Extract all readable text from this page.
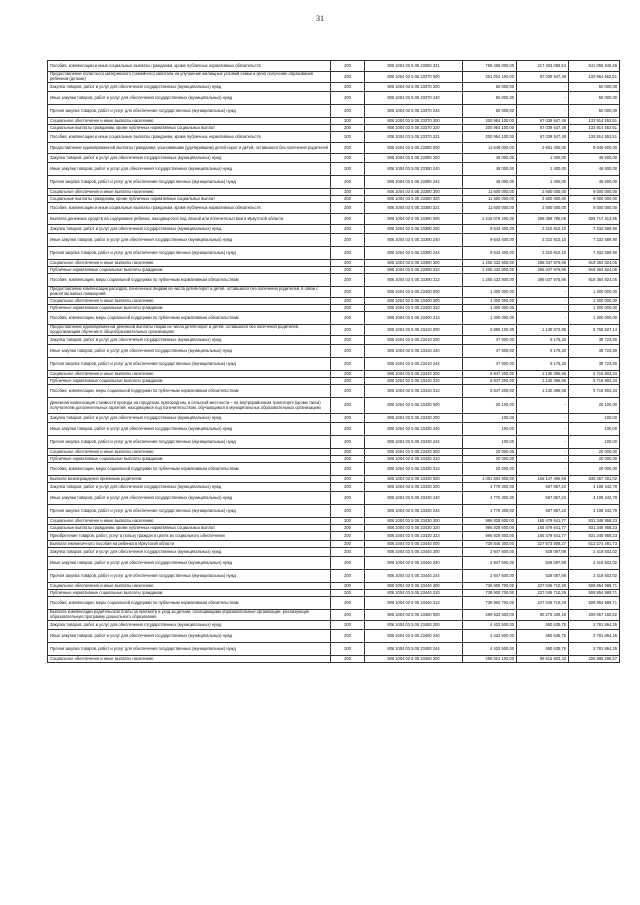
31
Пособия, компенсации и иные социальные выплаты гражданам, кроме публичных нормативных обязательств	200	806 1004 03 5 05 23360 321	758 469 000,00	217 403 059,54	541 065 940,46
Предоставление областного материнского (семейного) капитала на улучшение жилищных условий семьи и (или) получение образования ребенком (детьми)	200	806 1004 03 5 05 23370 000	201 004 100,00	67 039 547,49	133 964 552,51
Закупка товаров, работ и услуг для обеспечения государственных (муниципальных) нужд	200	806 1004 03 5 05 23370 200	50 000,00	-	50 000,00
Иные закупки товаров, работ и услуг для обеспечения государственных (муниципальных) нужд	200	806 1004 03 5 05 23370 240	50 000,00	-	50 000,00
Прочая закупка товаров, работ и услуг для обеспечения государственных (муниципальных) нужд	200	806 1004 03 5 05 23370 244	50 000,00	-	50 000,00
Социальное обеспечение и иные выплаты населению	200	806 1004 03 5 05 23370 300	200 954 100,00	67 039 547,49	133 914 552,51
Социальные выплаты гражданам, кроме публичных нормативных социальных выплат	200	806 1004 03 5 05 23370 320	200 954 100,00	67 039 547,49	133 914 552,51
Пособия, компенсации и иные социальные выплаты гражданам, кроме публичных нормативных обязательств	200	806 1004 03 5 05 23370 321	200 954 100,00	67 039 547,49	133 914 552,51
Предоставление единовременной выплаты гражданам, усыновившим (удочерившим) детей-сирот и детей, оставшихся без попечения родителей	200	806 1004 03 5 05 23380 000	11 648 000,00	2 601 400,00	9 046 600,00
Закупка товаров, работ и услуг для обеспечения государственных (муниципальных) нужд	200	806 1004 03 5 05 23380 200	48 000,00	1 400,00	46 600,00
Иные закупки товаров, работ и услуг для обеспечения государственных (муниципальных) нужд	200	806 1004 03 5 05 23380 240	48 000,00	1 400,00	46 600,00
Прочая закупка товаров, работ и услуг для обеспечения государственных (муниципальных) нужд	200	806 1004 03 5 05 23380 244	48 000,00	1 400,00	46 600,00
Социальное обеспечение и иные выплаты населению	200	806 1004 03 5 05 23380 300	11 600 000,00	2 600 000,00	9 000 000,00
Социальные выплаты гражданам, кроме публичных нормативных социальных выплат	200	806 1004 03 5 05 23380 320	11 600 000,00	2 600 000,00	9 000 000,00
Пособия, компенсации и иные социальные выплаты гражданам, кроме публичных нормативных обязательств	200	806 1004 03 5 05 23380 321	11 600 000,00	2 600 000,00	9 000 000,00
Выплата денежных средств на содержание ребенка, находящегося под опекой или попечительством в Иркутской области	200	806 1004 03 5 05 23390 000	1 215 076 200,00	288 358 786,06	926 717 413,95
Закупка товаров, работ и услуг для обеспечения государственных (муниципальных) нужд	200	806 1004 03 5 05 23390 200	9 643 400,00	2 310 810,10	7 332 589,90
Иные закупки товаров, работ и услуг для обеспечения государственных (муниципальных) нужд	200	806 1004 03 5 05 23390 240	9 643 400,00	2 310 810,10	7 332 589,90
Прочая закупка товаров, работ и услуг для обеспечения государственных (муниципальных) нужд	200	806 1004 03 5 05 23390 244	9 643 400,00	2 310 810,10	7 332 589,90
Социальное обеспечение и иные выплаты населению	200	806 1004 03 5 05 23390 300	1 205 432 800,00	286 047 975,95	919 384 824,05
Публичные нормативные социальные выплаты гражданам	200	806 1004 03 5 05 23390 310	1 205 432 800,00	286 047 975,95	919 384 824,05
Пособия, компенсации, меры социальной поддержки по публичным нормативным обязательствам	200	806 1004 03 5 05 23390 313	1 205 432 800,00	286 047 975,95	919 384 824,05
Предоставление компенсации расходов, понесенных лицами из числа детей-сирот и детей, оставшихся без попечения родителей, в связи с ремонтом жилых помещений	200	806 1004 03 5 05 23400 000	1 300 000,00	-	1 300 000,00
Социальное обеспечение и иные выплаты населению	200	806 1004 03 5 05 23400 300	1 300 000,00	-	1 300 000,00
Публичные нормативные социальные выплаты гражданам	200	806 1004 03 5 05 23400 310	1 300 000,00	-	1 300 000,00
Пособия, компенсации, меры социальной поддержки по публичным нормативным обязательствам	200	806 1004 03 5 05 23400 313	1 300 000,00	-	1 300 000,00
Предоставление единовременной денежной выплаты лицам из числа детей-сирот и детей, оставшихся без попечения родителей, продолжающим обучение в общеобразовательных организациях	200	806 1004 03 5 05 23410 000	6 895 100,00	1 139 572,86	5 755 527,14
Закупка товаров, работ и услуг для обеспечения государственных (муниципальных) нужд	200	806 1004 03 5 05 23410 200	47 900,00	9 176,20	38 723,80
Иные закупки товаров, работ и услуг для обеспечения государственных (муниципальных) нужд	200	806 1004 03 5 05 23410 240	47 900,00	9 176,20	38 723,80
Прочая закупка товаров, работ и услуг для обеспечения государственных (муниципальных) нужд	200	806 1004 03 5 05 23410 244	47 900,00	9 176,20	38 723,80
Социальное обеспечение и иные выплаты населению	200	806 1004 03 5 05 23410 300	6 847 200,00	1 130 396,66	5 716 803,34
Публичные нормативные социальные выплаты гражданам	200	806 1004 03 5 05 23410 310	6 847 200,00	1 130 396,66	5 716 803,34
Пособия, компенсации, меры социальной поддержки по публичным нормативным обязательствам	200	806 1004 03 5 05 23410 313	6 847 200,00	1 130 396,66	5 716 803,34
Денежная компенсация стоимости проезда на городском, пригородном, в сельской местности – на внутрирайонном транспорте (кроме такси) получателям дополнительных гарантий, находящимся под попечительством, обучающимся в муниципальных образовательных организациях	200	806 1004 03 5 05 23420 000	20 100,00	-	20 100,00
Закупка товаров, работ и услуг для обеспечения государственных (муниципальных) нужд	200	806 1004 03 5 05 23420 200	100,00	-	100,00
Иные закупки товаров, работ и услуг для обеспечения государственных (муниципальных) нужд	200	806 1004 03 5 05 23420 240	100,00	-	100,00
Прочая закупка товаров, работ и услуг для обеспечения государственных (муниципальных) нужд	200	806 1004 03 5 05 23420 244	100,00	-	100,00
Социальное обеспечение и иные выплаты населению	200	806 1004 03 5 05 23420 300	20 000,00	-	20 000,00
Публичные нормативные социальные выплаты гражданам	200	806 1004 03 5 05 23420 310	20 000,00	-	20 000,00
Пособия, компенсации, меры социальной поддержки по публичным нормативным обязательствам	200	806 1004 03 5 05 23420 313	20 000,00	-	20 000,00
Выплата вознаграждения приемным родителям	200	806 1004 03 5 05 23430 000	1 001 604 900,00	166 147 496,98	835 457 401,02
Закупка товаров, работ и услуг для обеспечения государственных (муниципальных) нужд	200	806 1004 03 5 05 23430 200	4 776 300,00	667 857,22	4 108 442,78
Иные закупки товаров, работ и услуг для обеспечения государственных (муниципальных) нужд	200	806 1004 03 5 05 23430 240	4 776 300,00	667 857,22	4 108 442,78
Прочая закупка товаров, работ и услуг для обеспечения государственных (муниципальных) нужд	200	806 1004 03 5 05 23430 244	4 776 300,00	667 857,22	4 108 442,78
Социальное обеспечение и иные выплаты населению	200	806 1004 03 5 05 23430 300	996 828 600,00	165 479 641,77	831 348 958,23
Социальные выплаты гражданам, кроме публичных нормативных социальных выплат	200	806 1004 03 5 05 23430 320	996 828 600,00	165 479 641,77	831 348 958,23
Приобретение товаров, работ, услуг в пользу граждан в целях их социального обеспечения	200	806 1004 03 5 05 23430 323	996 828 600,00	165 479 641,77	831 348 958,23
Выплата ежемесячного пособия на ребенка в Иркутской области	200	806 1004 03 5 05 23440 000	739 845 300,00	227 573 808,27	512 274 491,73
Закупка товаров, работ и услуг для обеспечения государственных (муниципальных) нужд	200	806 1004 03 5 05 23440 200	2 947 600,00	528 097,98	2 419 502,02
Иные закупки товаров, работ и услуг для обеспечения государственных (муниципальных) нужд	200	806 1004 03 5 05 23440 240	2 947 600,00	528 097,98	2 419 502,02
Прочая закупка товаров, работ и услуг для обеспечения государственных (муниципальных) нужд	200	806 1004 03 5 05 23440 244	2 947 600,00	528 097,98	2 419 502,02
Социальное обеспечение и иные выплаты населению	200	806 1004 03 5 05 23440 300	736 900 700,00	227 045 710,29	509 854 989,71
Публичные нормативные социальные выплаты гражданам	200	806 1004 03 5 05 23440 310	736 900 700,00	227 045 710,29	509 854 989,71
Пособия, компенсации, меры социальной поддержки по публичным нормативным обязательствам	200	806 1004 03 5 05 23440 313	736 900 700,00	227 045 710,29	509 854 989,71
Выплата компенсации родительской платы за присмотр и уход за детьми, посещающими образовательные организации, реализующие образовательную программу дошкольного образования	200	806 1004 03 5 05 23450 000	299 933 600,00	90 276 439,18	209 657 160,82
Закупка товаров, работ и услуг для обеспечения государственных (муниципальных) нужд	200	806 1004 03 5 05 23450 200	4 432 500,00	650 635,75	3 781 864,25
Иные закупки товаров, работ и услуг для обеспечения государственных (муниципальных) нужд	200	806 1004 03 5 05 23450 240	4 432 500,00	650 635,75	3 781 864,25
Прочая закупка товаров, работ и услуг для обеспечения государственных (муниципальных) нужд	200	806 1004 03 5 05 23450 244	4 432 500,00	650 635,75	3 781 864,25
Социальное обеспечение и иные выплаты населению	200	806 1004 03 5 05 23450 300	295 501 100,00	89 615 803,43	205 885 296,57
